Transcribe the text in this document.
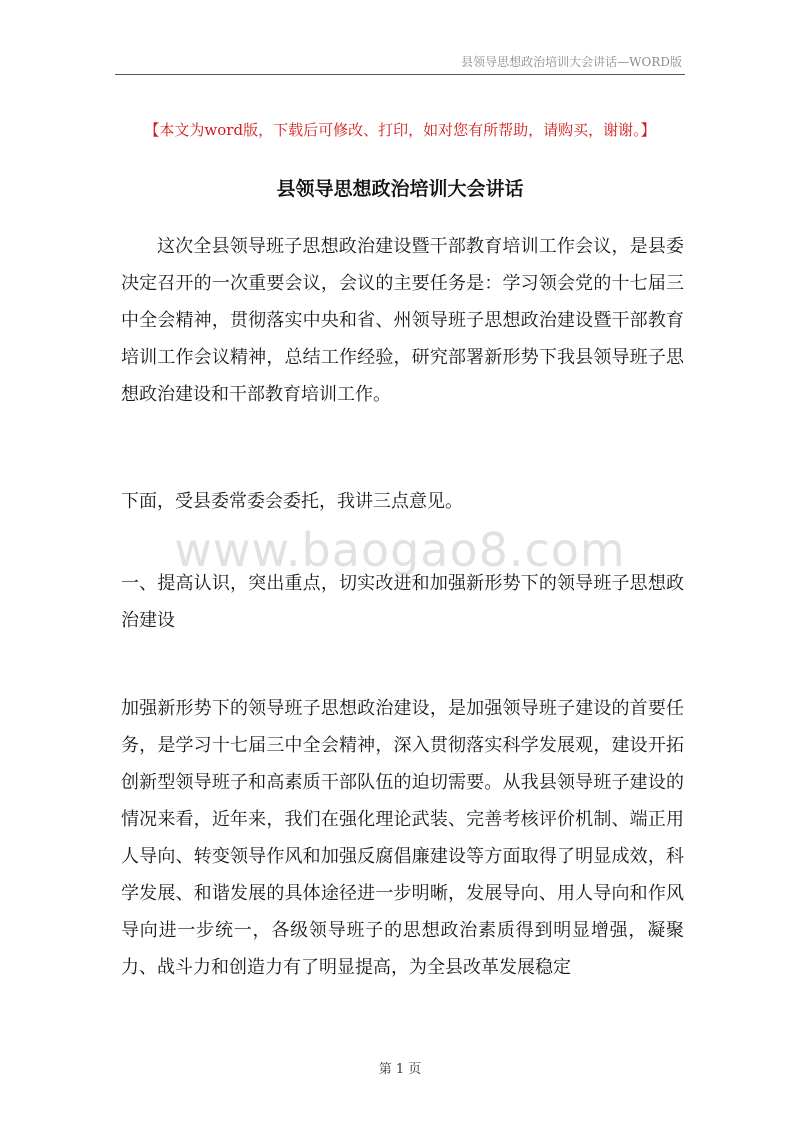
县领导思想政治培训大会讲话—WORD版
【本文为word版，下载后可修改、打印，如对您有所帮助，请购买，谢谢。】
县领导思想政治培训大会讲话

这次全县领导班子思想政治建设暨干部教育培训工作会议，是县委决定召开的一次重要会议，会议的主要任务是：学习领会党的十七届三中全会精神，贯彻落实中央和省、州领导班子思想政治建设暨干部教育培训工作会议精神，总结工作经验，研究部署新形势下我县领导班子思想政治建设和干部教育培训工作。

下面，受县委常委会委托，我讲三点意见。

一、提高认识，突出重点，切实改进和加强新形势下的领导班子思想政治建设

加强新形势下的领导班子思想政治建设，是加强领导班子建设的首要任务，是学习十七届三中全会精神，深入贯彻落实科学发展观，建设开拓创新型领导班子和高素质干部队伍的迫切需要。从我县领导班子建设的情况来看，近年来，我们在强化理论武装、完善考核评价机制、端正用人导向、转变领导作风和加强反腐倡廉建设等方面取得了明显成效，科学发展、和谐发展的具体途径进一步明晰，发展导向、用人导向和作风导向进一步统一，各级领导班子的思想政治素质得到明显增强，凝聚力、战斗力和创造力有了明显提高，为全县改革发展稳定

www.baogao8.com
第 1 页
